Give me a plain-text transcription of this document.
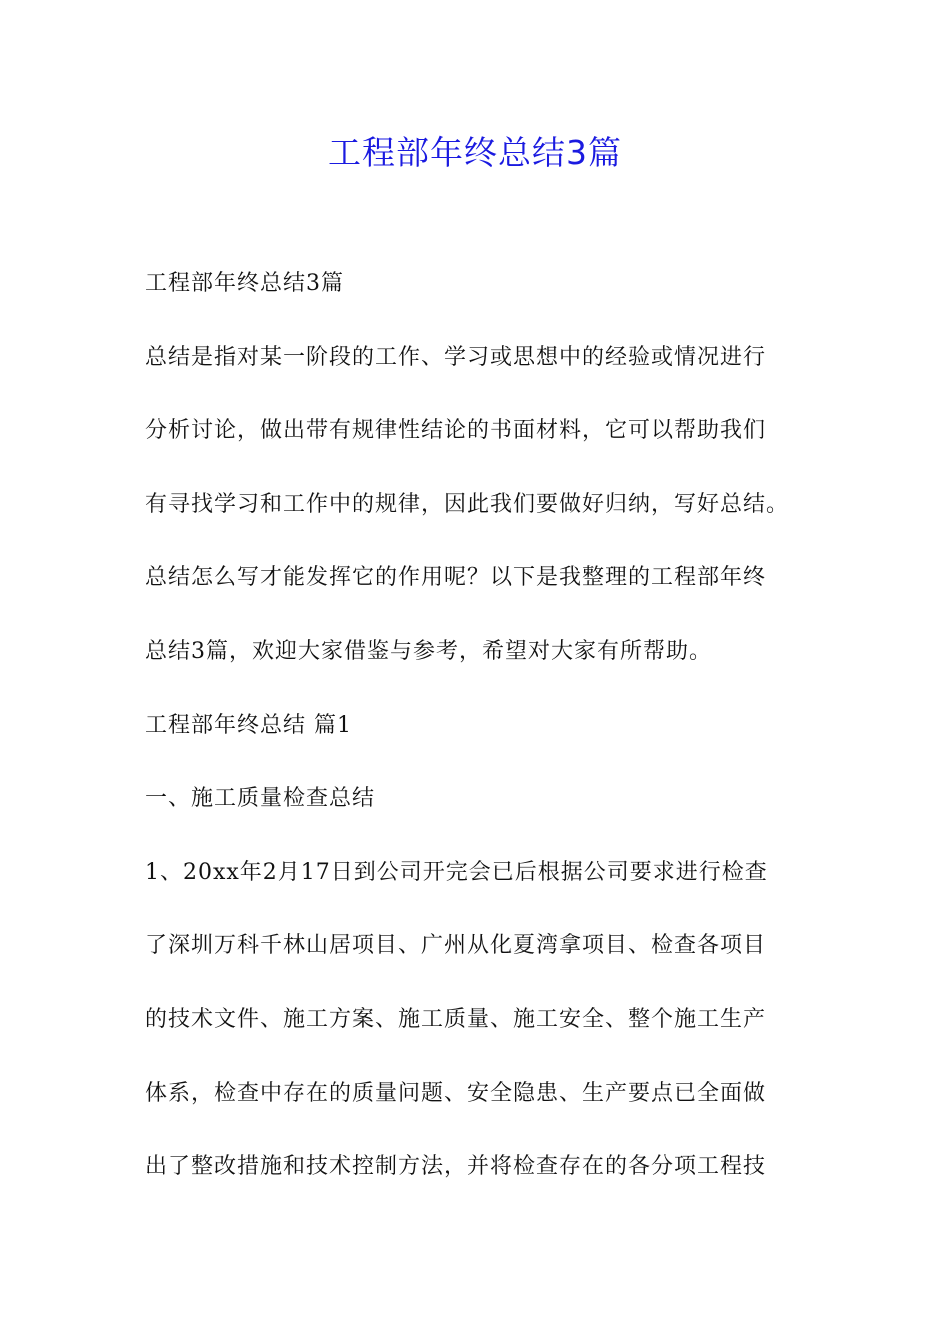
工程部年终总结3篇
工程部年终总结3篇
总结是指对某一阶段的工作、学习或思想中的经验或情况进行
分析讨论，做出带有规律性结论的书面材料，它可以帮助我们
有寻找学习和工作中的规律，因此我们要做好归纳，写好总结。
总结怎么写才能发挥它的作用呢？以下是我整理的工程部年终
总结3篇，欢迎大家借鉴与参考，希望对大家有所帮助。
工程部年终总结 篇1
一、施工质量检查总结
1、20xx年2月17日到公司开完会已后根据公司要求进行检查
了深圳万科千林山居项目、广州从化夏湾拿项目、检查各项目
的技术文件、施工方案、施工质量、施工安全、整个施工生产
体系，检查中存在的质量问题、安全隐患、生产要点已全面做
出了整改措施和技术控制方法，并将检查存在的各分项工程技
